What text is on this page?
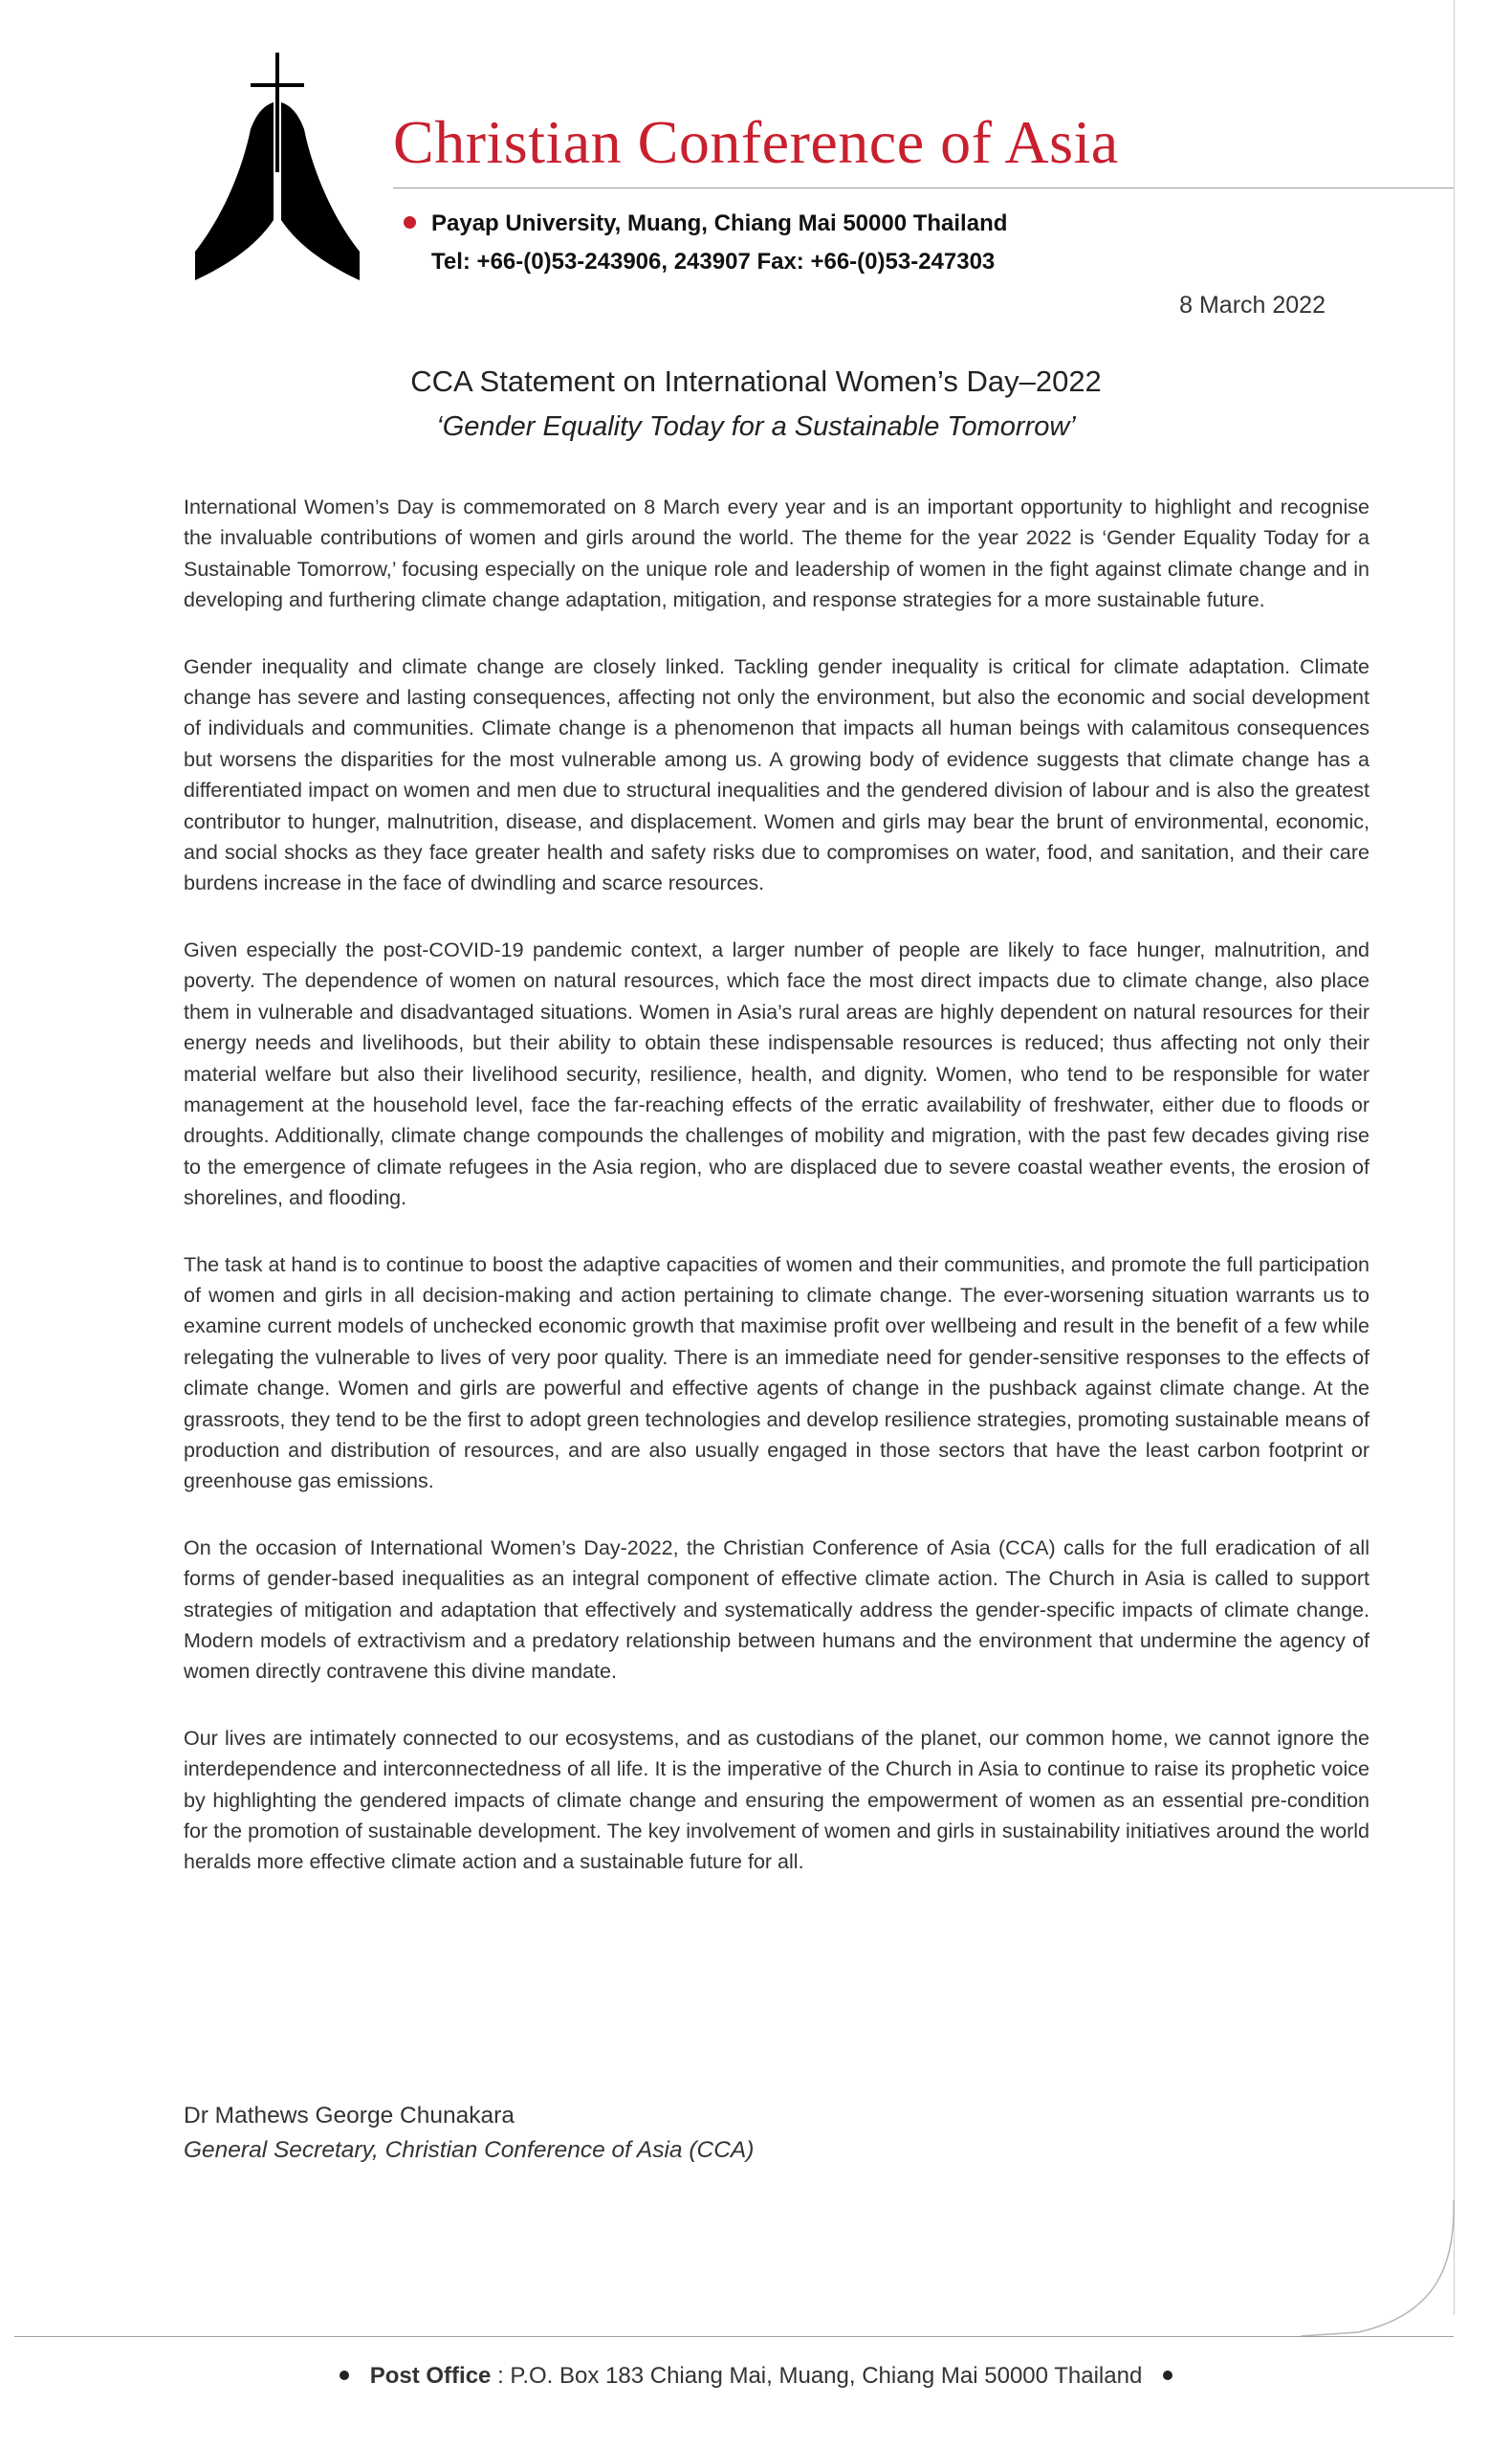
Christian Conference of Asia
Payap University, Muang, Chiang Mai 50000 Thailand
Tel: +66-(0)53-243906, 243907 Fax: +66-(0)53-247303
8 March 2022
CCA Statement on International Women’s Day–2022
‘Gender Equality Today for a Sustainable Tomorrow’

International Women’s Day is commemorated on 8 March every year and is an important opportunity to highlight and recognise the invaluable contributions of women and girls around the world. The theme for the year 2022 is ‘Gender Equality Today for a Sustainable Tomorrow,’ focusing especially on the unique role and leadership of women in the fight against climate change and in developing and furthering climate change adaptation, mitigation, and response strategies for a more sustainable future.

Gender inequality and climate change are closely linked. Tackling gender inequality is critical for climate adaptation. Climate change has severe and lasting consequences, affecting not only the environment, but also the economic and social development of individuals and communities. Climate change is a phenomenon that impacts all human beings with calamitous consequences but worsens the disparities for the most vulnerable among us. A growing body of evidence suggests that climate change has a differentiated impact on women and men due to structural inequalities and the gendered division of labour and is also the greatest contributor to hunger, malnutrition, disease, and displacement. Women and girls may bear the brunt of environmental, economic, and social shocks as they face greater health and safety risks due to compromises on water, food, and sanitation, and their care burdens increase in the face of dwindling and scarce resources.

Given especially the post-COVID-19 pandemic context, a larger number of people are likely to face hunger, malnutrition, and poverty. The dependence of women on natural resources, which face the most direct impacts due to climate change, also place them in vulnerable and disadvantaged situations. Women in Asia’s rural areas are highly dependent on natural resources for their energy needs and livelihoods, but their ability to obtain these indispensable resources is reduced; thus affecting not only their material welfare but also their livelihood security, resilience, health, and dignity. Women, who tend to be responsible for water management at the household level, face the far-reaching effects of the erratic availability of freshwater, either due to floods or droughts. Additionally, climate change compounds the challenges of mobility and migration, with the past few decades giving rise to the emergence of climate refugees in the Asia region, who are displaced due to severe coastal weather events, the erosion of shorelines, and flooding.

The task at hand is to continue to boost the adaptive capacities of women and their communities, and promote the full participation of women and girls in all decision-making and action pertaining to climate change. The ever-worsening situation warrants us to examine current models of unchecked economic growth that maximise profit over wellbeing and result in the benefit of a few while relegating the vulnerable to lives of very poor quality. There is an immediate need for gender-sensitive responses to the effects of climate change. Women and girls are powerful and effective agents of change in the pushback against climate change. At the grassroots, they tend to be the first to adopt green technologies and develop resilience strategies, promoting sustainable means of production and distribution of resources, and are also usually engaged in those sectors that have the least carbon footprint or greenhouse gas emissions.

On the occasion of International Women’s Day-2022, the Christian Conference of Asia (CCA) calls for the full eradication of all forms of gender-based inequalities as an integral component of effective climate action. The Church in Asia is called to support strategies of mitigation and adaptation that effectively and systematically address the gender-specific impacts of climate change. Modern models of extractivism and a predatory relationship between humans and the environment that undermine the agency of women directly contravene this divine mandate.

Our lives are intimately connected to our ecosystems, and as custodians of the planet, our common home, we cannot ignore the interdependence and interconnectedness of all life. It is the imperative of the Church in Asia to continue to raise its prophetic voice by highlighting the gendered impacts of climate change and ensuring the empowerment of women as an essential pre-condition for the promotion of sustainable development. The key involvement of women and girls in sustainability initiatives around the world heralds more effective climate action and a sustainable future for all.

Dr Mathews George Chunakara
General Secretary, Christian Conference of Asia (CCA)
Post Office : P.O. Box 183 Chiang Mai, Muang, Chiang Mai 50000 Thailand
